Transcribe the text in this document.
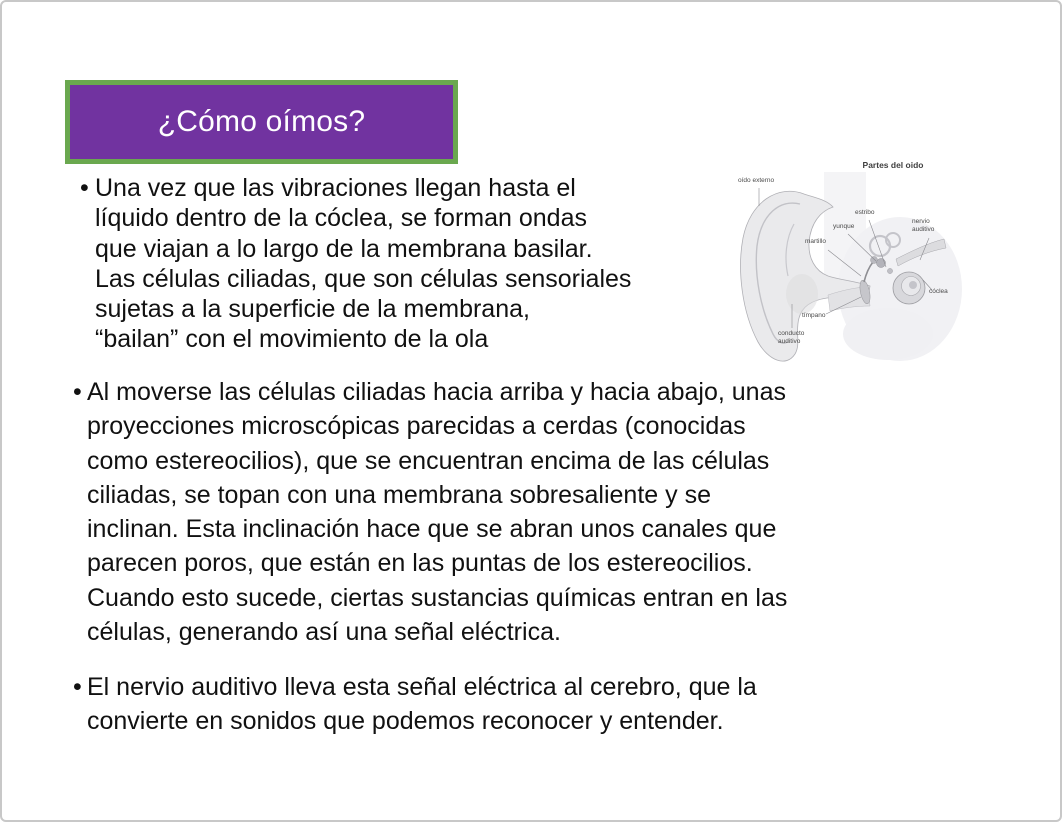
¿Cómo oímos?
• Una vez que las vibraciones llegan hasta el
líquido dentro de la cóclea, se forman ondas
que viajan a lo largo de la membrana basilar.
Las células ciliadas, que son células sensoriales
sujetas a la superficie de la membrana,
“bailan” con el movimiento de la ola
• Al moverse las células ciliadas hacia arriba y hacia abajo, unas
proyecciones microscópicas parecidas a cerdas (conocidas
como estereocilios), que se encuentran encima de las células
ciliadas, se topan con una membrana sobresaliente y se
inclinan. Esta inclinación hace que se abran unos canales que
parecen poros, que están en las puntas de los estereocilios.
Cuando esto sucede, ciertas sustancias químicas entran en las
células, generando así una señal eléctrica.
• El nervio auditivo lleva esta señal eléctrica al cerebro, que la
convierte en sonidos que podemos reconocer y entender.
Partes del oido
oído externo
estribo
yunque
martillo
nervio auditivo
cóclea
tímpano
conducto auditivo
